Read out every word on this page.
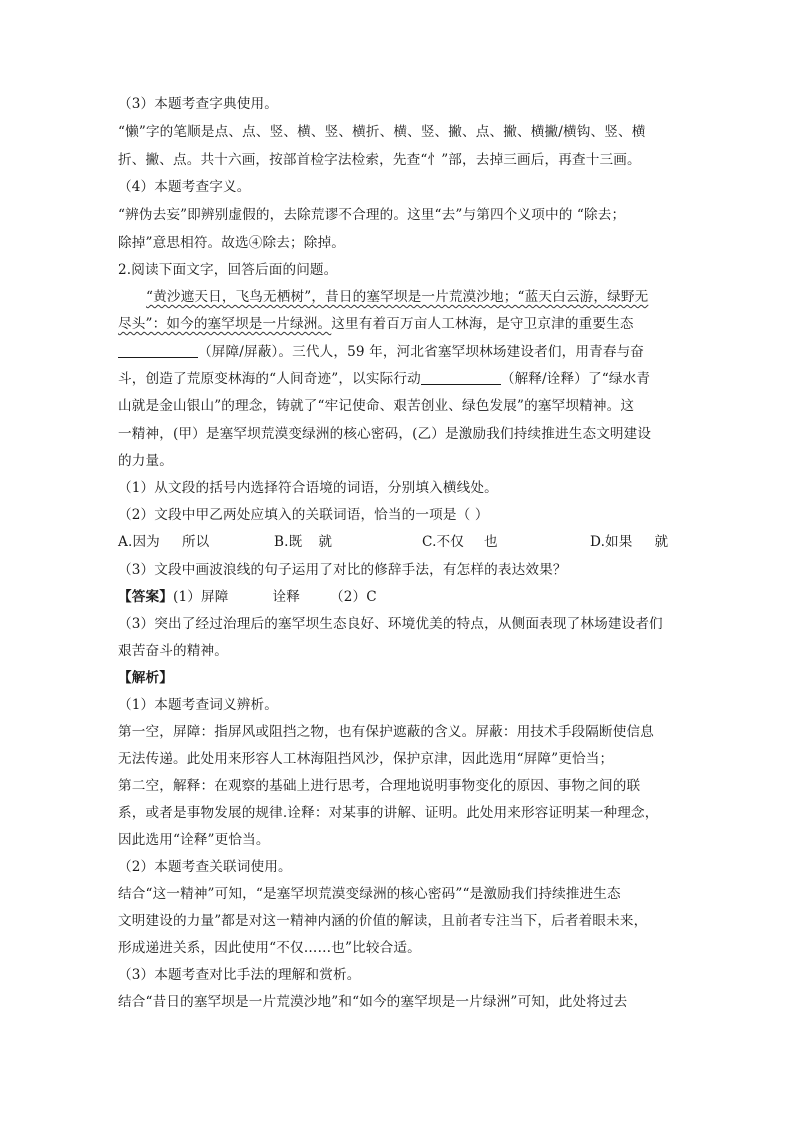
（3）本题考查字典使用。
“懒”字的笔顺是点、点、竖、横、竖、横折、横、竖、撇、点、撇、横撇/横钩、竖、横
折、撇、点。共十六画，按部首检字法检索，先查“忄”部，去掉三画后，再查十三画。
（4）本题考查字义。
“辨伪去妄”即辨别虚假的，去除荒谬不合理的。这里“去”与第四个义项中的 “除去；
除掉”意思相符。故选④除去；除掉。
2.阅读下面文字，回答后面的问题。
“黄沙遮天日，飞鸟无栖树”，昔日的塞罕坝是一片荒漠沙地；“蓝天白云游，绿野无
尽头”：如今的塞罕坝是一片绿洲。这里有着百万亩人工林海，是守卫京津的重要生态
（屏障/屏蔽）。三代人，59 年，河北省塞罕坝林场建设者们，用青春与奋
斗，创造了荒原变林海的“人间奇迹”，以实际行动	（解释/诠释）了“绿水青
山就是金山银山”的理念，铸就了“牢记使命、艰苦创业、绿色发展”的塞罕坝精神。这
一精神，(甲）是塞罕坝荒漠变绿洲的核心密码，(乙）是激励我们持续推进生态文明建设
的力量。
（1）从文段的括号内选择符合语境的词语，分别填入横线处。
（2）文段中甲乙两处应填入的关联词语，恰当的一项是（ ）
A.因为 所以	B.既 就	C.不仅 也	D.如果 就
（3）文段中画波浪线的句子运用了对比的修辞手法，有怎样的表达效果？
【答案】(1）屏障	诠释 （2）C
（3）突出了经过治理后的塞罕坝生态良好、环境优美的特点，从侧面表现了林场建设者们
艰苦奋斗的精神。
【解析】
（1）本题考查词义辨析。
第一空，屏障：指屏风或阻挡之物，也有保护遮蔽的含义。屏蔽：用技术手段隔断使信息
无法传递。此处用来形容人工林海阻挡风沙，保护京津，因此选用“屏障”更恰当；
第二空，解释：在观察的基础上进行思考，合理地说明事物变化的原因、事物之间的联
系，或者是事物发展的规律.诠释：对某事的讲解、证明。此处用来形容证明某一种理念，
因此选用“诠释”更恰当。
（2）本题考查关联词使用。
结合“这一精神”可知，“是塞罕坝荒漠变绿洲的核心密码”“是激励我们持续推进生态
文明建设的力量”都是对这一精神内涵的价值的解读，且前者专注当下，后者着眼未来，
形成递进关系，因此使用“不仅……也”比较合适。
（3）本题考查对比手法的理解和赏析。
结合“昔日的塞罕坝是一片荒漠沙地”和“如今的塞罕坝是一片绿洲”可知，此处将过去
